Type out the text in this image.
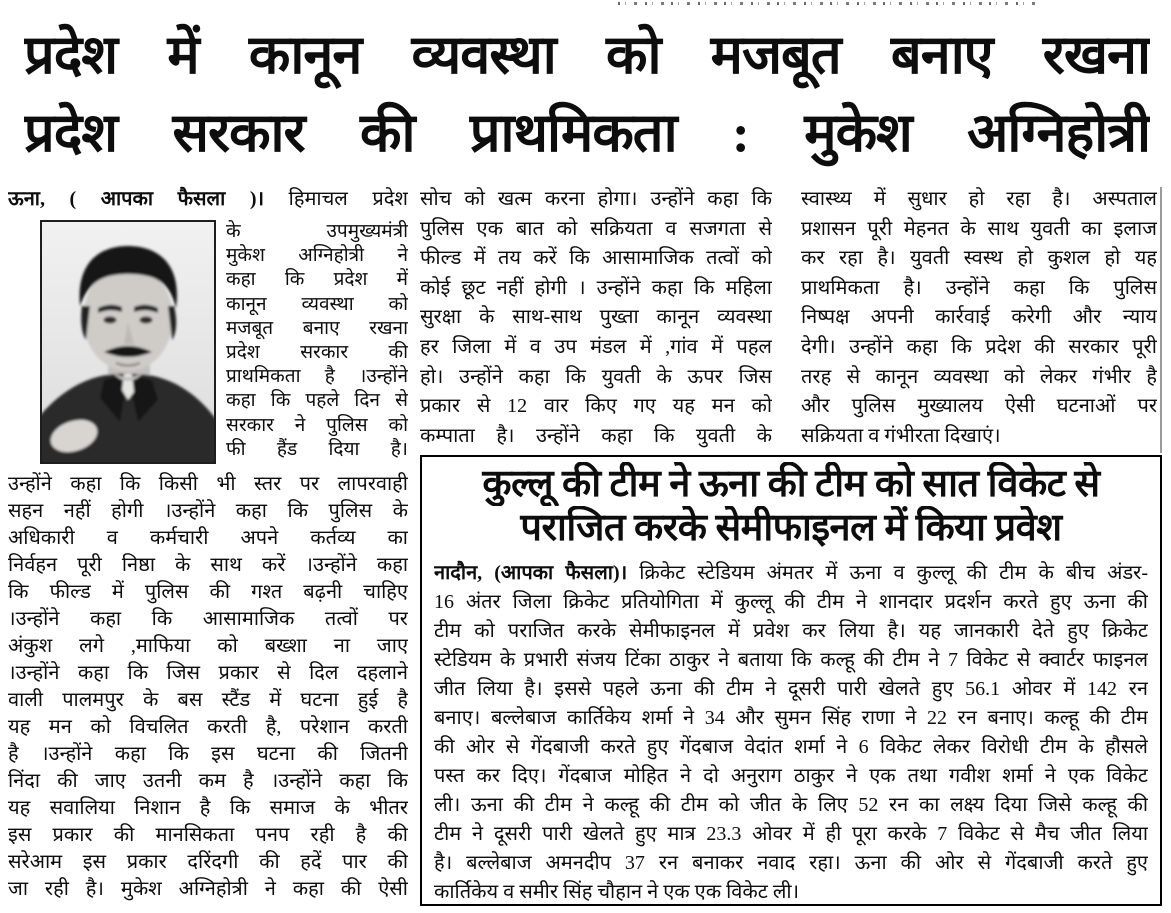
प्रदेश में कानून व्यवस्था को मजबूत बनाए रखना
प्रदेश सरकार की प्राथमिकता : मुकेश अग्निहोत्री
ऊना, ( आपका फैसला )। हिमाचल प्रदेश
के उपमुख्यमंत्री
मुकेश अग्निहोत्री ने
कहा कि प्रदेश में
कानून व्यवस्था को
मजबूत बनाए रखना
प्रदेश सरकार की
प्राथमिकता है ।उन्होंने
कहा कि पहले दिन से
सरकार ने पुलिस को
फी हैंड दिया है।
उन्होंने कहा कि किसी भी स्तर पर लापरवाही
सहन नहीं होगी ।उन्होंने कहा कि पुलिस के
अधिकारी व कर्मचारी अपने कर्तव्य का
निर्वहन पूरी निष्ठा के साथ करें ।उन्होंने कहा
कि फील्ड में पुलिस की गश्त बढ़नी चाहिए
।उन्होंने कहा कि आसामाजिक तत्वों पर
अंकुश लगे ,माफिया को बख्शा ना जाए
।उन्होंने कहा कि जिस प्रकार से दिल दहलाने
वाली पालमपुर के बस स्टैंड में घटना हुई है
यह मन को विचलित करती है, परेशान करती
है ।उन्होंने कहा कि इस घटना की जितनी
निंदा की जाए उतनी कम है ।उन्होंने कहा कि
यह सवालिया निशान है कि समाज के भीतर
इस प्रकार की मानसिकता पनप रही है की
सरेआम इस प्रकार दरिंदगी की हदें पार की
जा रही है। मुकेश अग्निहोत्री ने कहा की ऐसी
सोच को खत्म करना होगा। उन्होंने कहा कि
पुलिस एक बात को सक्रियता व सजगता से
फील्ड में तय करें कि आसामाजिक तत्वों को
कोई छूट नहीं होगी । उन्होंने कहा कि महिला
सुरक्षा के साथ-साथ पुख्ता कानून व्यवस्था
हर जिला में व उप मंडल में ,गांव में पहल
हो। उन्होंने कहा कि युवती के ऊपर जिस
प्रकार से 12 वार किए गए यह मन को
कम्पाता है। उन्होंने कहा कि युवती के
स्वास्थ्य में सुधार हो रहा है। अस्पताल
प्रशासन पूरी मेहनत के साथ युवती का इलाज
कर रहा है। युवती स्वस्थ हो कुशल हो यह
प्राथमिकता है। उन्होंने कहा कि पुलिस
निष्पक्ष अपनी कार्रवाई करेगी और न्याय
देगी। उन्होंने कहा कि प्रदेश की सरकार पूरी
तरह से कानून व्यवस्था को लेकर गंभीर है
और पुलिस मुख्यालय ऐसी घटनाओं पर
सक्रियता व गंभीरता दिखाएं।
कुल्लू की टीम ने ऊना की टीम को सात विकेट से
पराजित करके सेमीफाइनल में किया प्रवेश
नादौन, (आपका फैसला)। क्रिकेट स्टेडियम अंमतर में ऊना व कुल्लू की टीम के बीच अंडर-
16 अंतर जिला क्रिकेट प्रतियोगिता में कुल्लू की टीम ने शानदार प्रदर्शन करते हुए ऊना की
टीम को पराजित करके सेमीफाइनल में प्रवेश कर लिया है। यह जानकारी देते हुए क्रिकेट
स्टेडियम के प्रभारी संजय टिंका ठाकुर ने बताया कि कल्हू की टीम ने 7 विकेट से क्वार्टर फाइनल
जीत लिया है। इससे पहले ऊना की टीम ने दूसरी पारी खेलते हुए 56.1 ओवर में 142 रन
बनाए। बल्लेबाज कार्तिकेय शर्मा ने 34 और सुमन सिंह राणा ने 22 रन बनाए। कल्हू की टीम
की ओर से गेंदबाजी करते हुए गेंदबाज वेदांत शर्मा ने 6 विकेट लेकर विरोधी टीम के हौसले
पस्त कर दिए। गेंदबाज मोहित ने दो अनुराग ठाकुर ने एक तथा गवीश शर्मा ने एक विकेट
ली। ऊना की टीम ने कल्हू की टीम को जीत के लिए 52 रन का लक्ष्य दिया जिसे कल्हू की
टीम ने दूसरी पारी खेलते हुए मात्र 23.3 ओवर में ही पूरा करके 7 विकेट से मैच जीत लिया
है। बल्लेबाज अमनदीप 37 रन बनाकर नवाद रहा। ऊना की ओर से गेंदबाजी करते हुए
कार्तिकेय व समीर सिंह चौहान ने एक एक विकेट ली।
